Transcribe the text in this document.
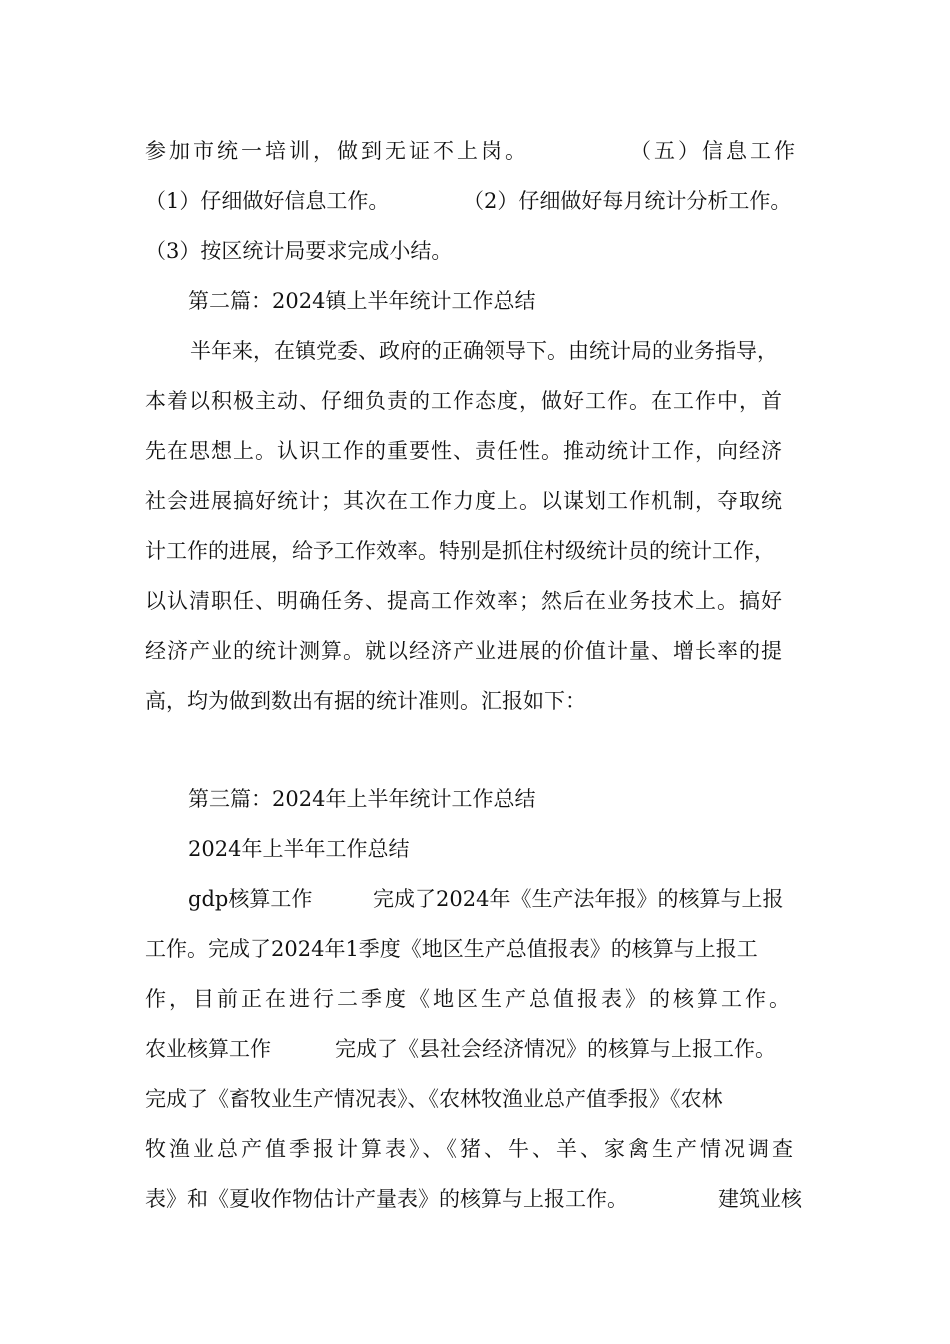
参加市统一培训，做到无证不上岗。	（五）信息工作
（1）仔细做好信息工作。	（2）仔细做好每月统计分析工作。
（3）按区统计局要求完成小结。
第二篇：2024镇上半年统计工作总结
半年来，在镇党委、政府的正确领导下。由统计局的业务指导，
本着以积极主动、仔细负责的工作态度，做好工作。在工作中，首
先在思想上。认识工作的重要性、责任性。推动统计工作，向经济
社会进展搞好统计；其次在工作力度上。以谋划工作机制，夺取统
计工作的进展，给予工作效率。特别是抓住村级统计员的统计工作，
以认清职任、明确任务、提高工作效率；然后在业务技术上。搞好
经济产业的统计测算。就以经济产业进展的价值计量、增长率的提
高，均为做到数出有据的统计准则。汇报如下：
第三篇：2024年上半年统计工作总结
2024年上半年工作总结
gdp核算工作	完成了2024年《生产法年报》的核算与上报
工作。完成了2024年1季度《地区生产总值报表》的核算与上报工
作，目前正在进行二季度《地区生产总值报表》的核算工作。
农业核算工作	完成了《县社会经济情况》的核算与上报工作。
完成了《畜牧业生产情况表》、《农林牧渔业总产值季报》《农林
牧渔业总产值季报计算表》、《猪、牛、羊、家禽生产情况调查
表》和《夏收作物估计产量表》的核算与上报工作。	建筑业核
